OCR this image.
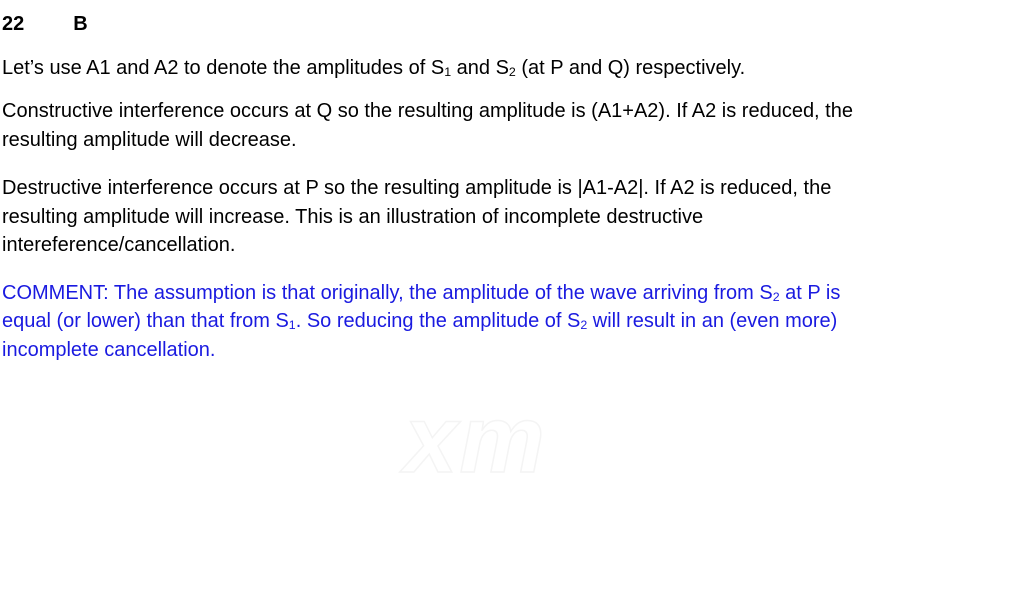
22 B

Let’s use A1 and A2 to denote the amplitudes of $S_1$ and $S_2$ (at P and Q) respectively.

Constructive interference occurs at Q so the resulting amplitude is (A1+A2). If A2 is reduced, the
resulting amplitude will decrease.

Destructive interference occurs at P so the resulting amplitude is |A1-A2|. If A2 is reduced, the
resulting amplitude will increase. This is an illustration of incomplete destructive
intereference/cancellation.

COMMENT: The assumption is that originally, the amplitude of the wave arriving from $S_2$ at P is
equal (or lower) than that from $S_1$. So reducing the amplitude of $S_2$ will result in an (even more)
incomplete cancellation.

xm
